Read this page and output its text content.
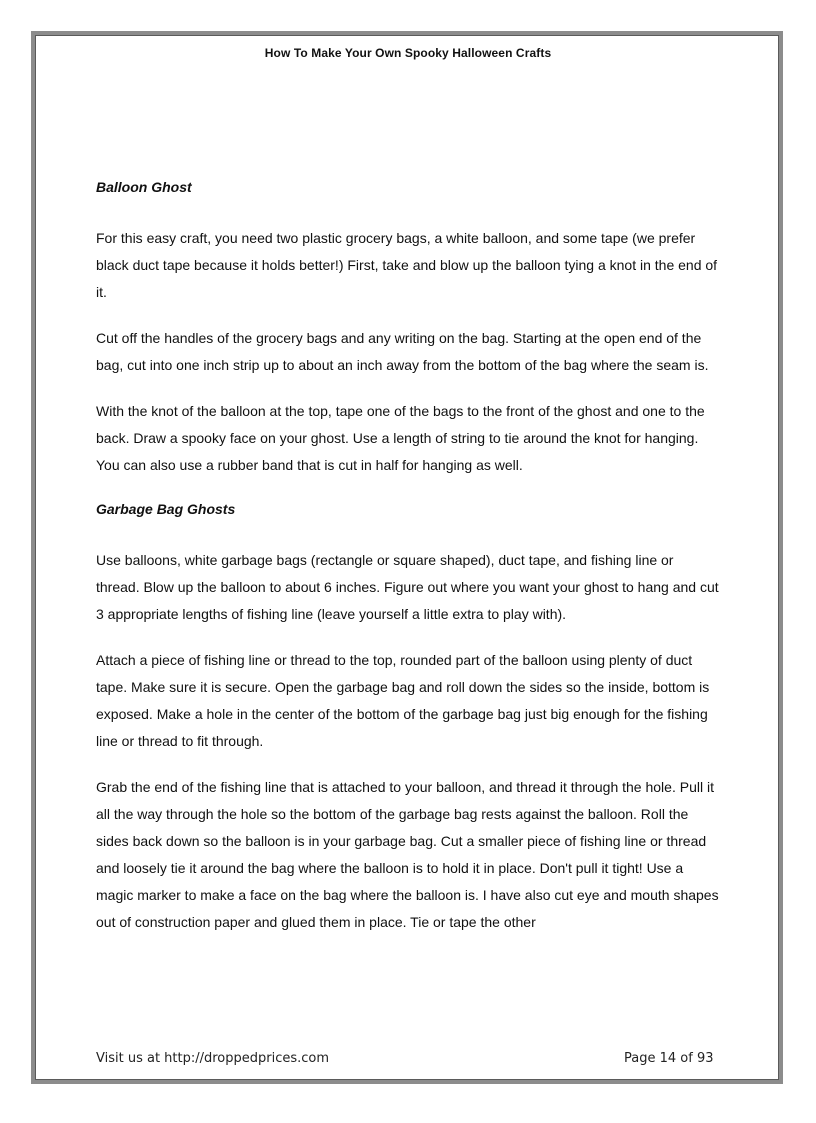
How To Make Your Own Spooky Halloween Crafts
Balloon Ghost

For this easy craft, you need two plastic grocery bags, a white balloon, and some tape (we prefer black duct tape because it holds better!) First, take and blow up the balloon tying a knot in the end of it.

Cut off the handles of the grocery bags and any writing on the bag. Starting at the open end of the bag, cut into one inch strip up to about an inch away from the bottom of the bag where the seam is.

With the knot of the balloon at the top, tape one of the bags to the front of the ghost and one to the back. Draw a spooky face on your ghost. Use a length of string to tie around the knot for hanging. You can also use a rubber band that is cut in half for hanging as well.

Garbage Bag Ghosts

Use balloons, white garbage bags (rectangle or square shaped), duct tape, and fishing line or thread. Blow up the balloon to about 6 inches. Figure out where you want your ghost to hang and cut 3 appropriate lengths of fishing line (leave yourself a little extra to play with).

Attach a piece of fishing line or thread to the top, rounded part of the balloon using plenty of duct tape. Make sure it is secure. Open the garbage bag and roll down the sides so the inside, bottom is exposed. Make a hole in the center of the bottom of the garbage bag just big enough for the fishing line or thread to fit through.

Grab the end of the fishing line that is attached to your balloon, and thread it through the hole. Pull it all the way through the hole so the bottom of the garbage bag rests against the balloon. Roll the sides back down so the balloon is in your garbage bag. Cut a smaller piece of fishing line or thread and loosely tie it around the bag where the balloon is to hold it in place. Don't pull it tight! Use a magic marker to make a face on the bag where the balloon is. I have also cut eye and mouth shapes out of construction paper and glued them in place. Tie or tape the other

Visit us at http://droppedprices.com	Page 14 of 93
